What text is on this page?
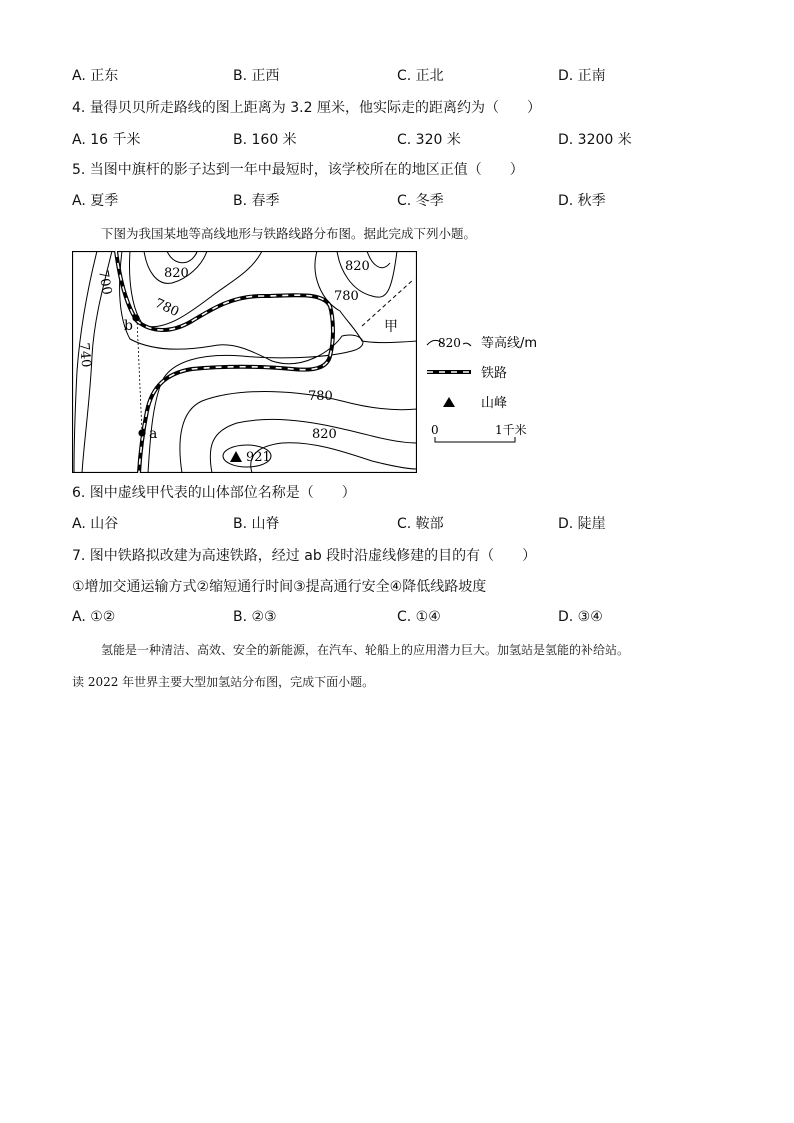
A. 正东	B. 正西	C. 正北	D. 正南
4. 量得贝贝所走路线的图上距离为 3.2 厘米，他实际走的距离约为（　　）
A. 16 千米	B. 160 米	C. 320 米	D. 3200 米
5. 当图中旗杆的影子达到一年中最短时，该学校所在的地区正值（　　）
A. 夏季	B. 春季	C. 冬季	D. 秋季
下图为我国某地等高线地形与铁路线路分布图。据此完成下列小题。
820	820
780	780
700
740
780
820
b
a
甲
921
820 等高线/m
铁路
山峰
0	1千米
6. 图中虚线甲代表的山体部位名称是（　　）
A. 山谷	B. 山脊	C. 鞍部	D. 陡崖
7. 图中铁路拟改建为高速铁路，经过 ab 段时沿虚线修建的目的有（　　）
①增加交通运输方式②缩短通行时间③提高通行安全④降低线路坡度
A. ①②	B. ②③	C. ①④	D. ③④
氢能是一种清洁、高效、安全的新能源，在汽车、轮船上的应用潜力巨大。加氢站是氢能的补给站。
读 2022 年世界主要大型加氢站分布图，完成下面小题。
